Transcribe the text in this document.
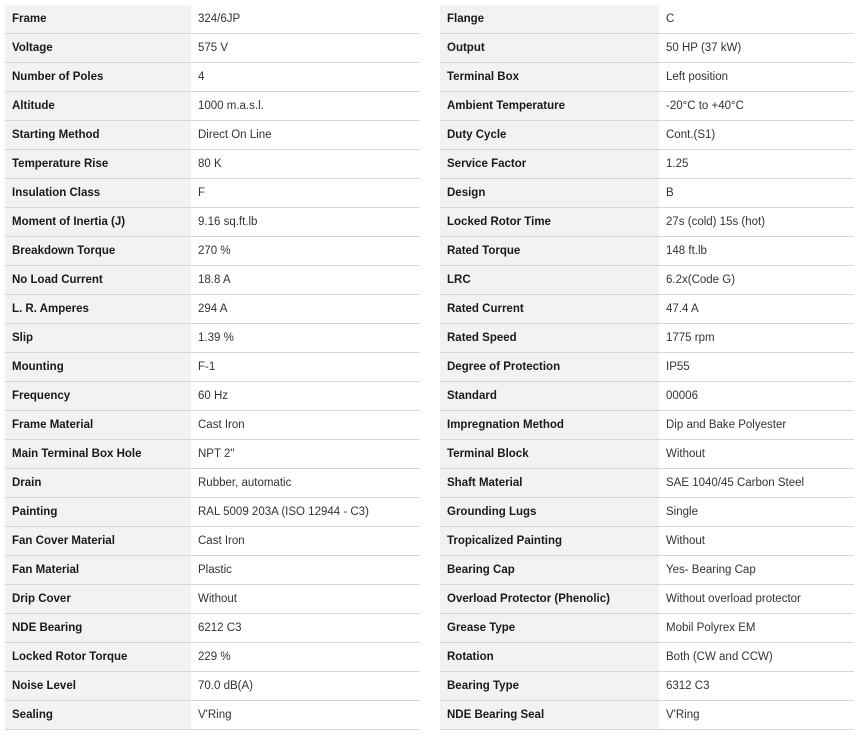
Frame	324/6JP
Voltage	575 V
Number of Poles	4
Altitude	1000 m.a.s.l.
Starting Method	Direct On Line
Temperature Rise	80 K
Insulation Class	F
Moment of Inertia (J)	9.16 sq.ft.lb
Breakdown Torque	270 %
No Load Current	18.8 A
L. R. Amperes	294 A
Slip	1.39 %
Mounting	F-1
Frequency	60 Hz
Frame Material	Cast Iron
Main Terminal Box Hole	NPT 2"
Drain	Rubber, automatic
Painting	RAL 5009 203A (ISO 12944 - C3)
Fan Cover Material	Cast Iron
Fan Material	Plastic
Drip Cover	Without
NDE Bearing	6212 C3
Locked Rotor Torque	229 %
Noise Level	70.0 dB(A)
Sealing	V'Ring
Flange	C
Output	50 HP (37 kW)
Terminal Box	Left position
Ambient Temperature	-20°C to +40°C
Duty Cycle	Cont.(S1)
Service Factor	1.25
Design	B
Locked Rotor Time	27s (cold) 15s (hot)
Rated Torque	148 ft.lb
LRC	6.2x(Code G)
Rated Current	47.4 A
Rated Speed	1775 rpm
Degree of Protection	IP55
Standard	00006
Impregnation Method	Dip and Bake Polyester
Terminal Block	Without
Shaft Material	SAE 1040/45 Carbon Steel
Grounding Lugs	Single
Tropicalized Painting	Without
Bearing Cap	Yes- Bearing Cap
Overload Protector (Phenolic)	Without overload protector
Grease Type	Mobil Polyrex EM
Rotation	Both (CW and CCW)
Bearing Type	6312 C3
NDE Bearing Seal	V'Ring
